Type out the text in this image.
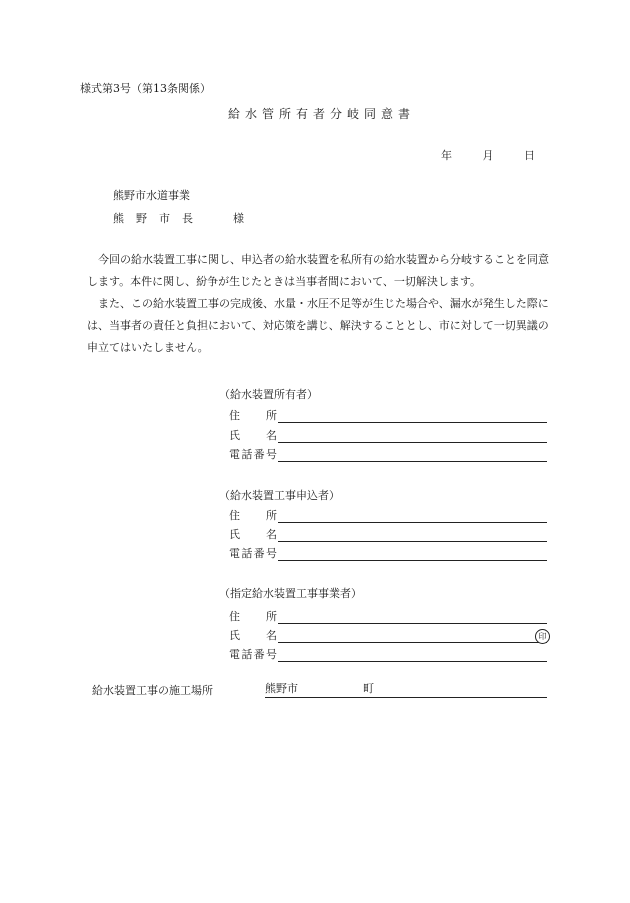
様式第3号（第13条関係）
給水管所有者分岐同意書
年	月	日
熊野市水道事業
熊 野 市 長	様
　今回の給水装置工事に関し、申込者の給水装置を私所有の給水装置から分岐することを同意します。本件に関し、紛争が生じたときは当事者間において、一切解決します。
　また、この給水装置工事の完成後、水量・水圧不足等が生じた場合や、漏水が発生した際には、当事者の責任と負担において、対応策を講じ、解決することとし、市に対して一切異議の申立てはいたしません。
（給水装置所有者）
住　所
氏　名
電話番号
（給水装置工事申込者）
住　所
氏　名
電話番号
（指定給水装置工事事業者）
住　所
氏　名	印
電話番号
給水装置工事の施工場所	熊野市	町
